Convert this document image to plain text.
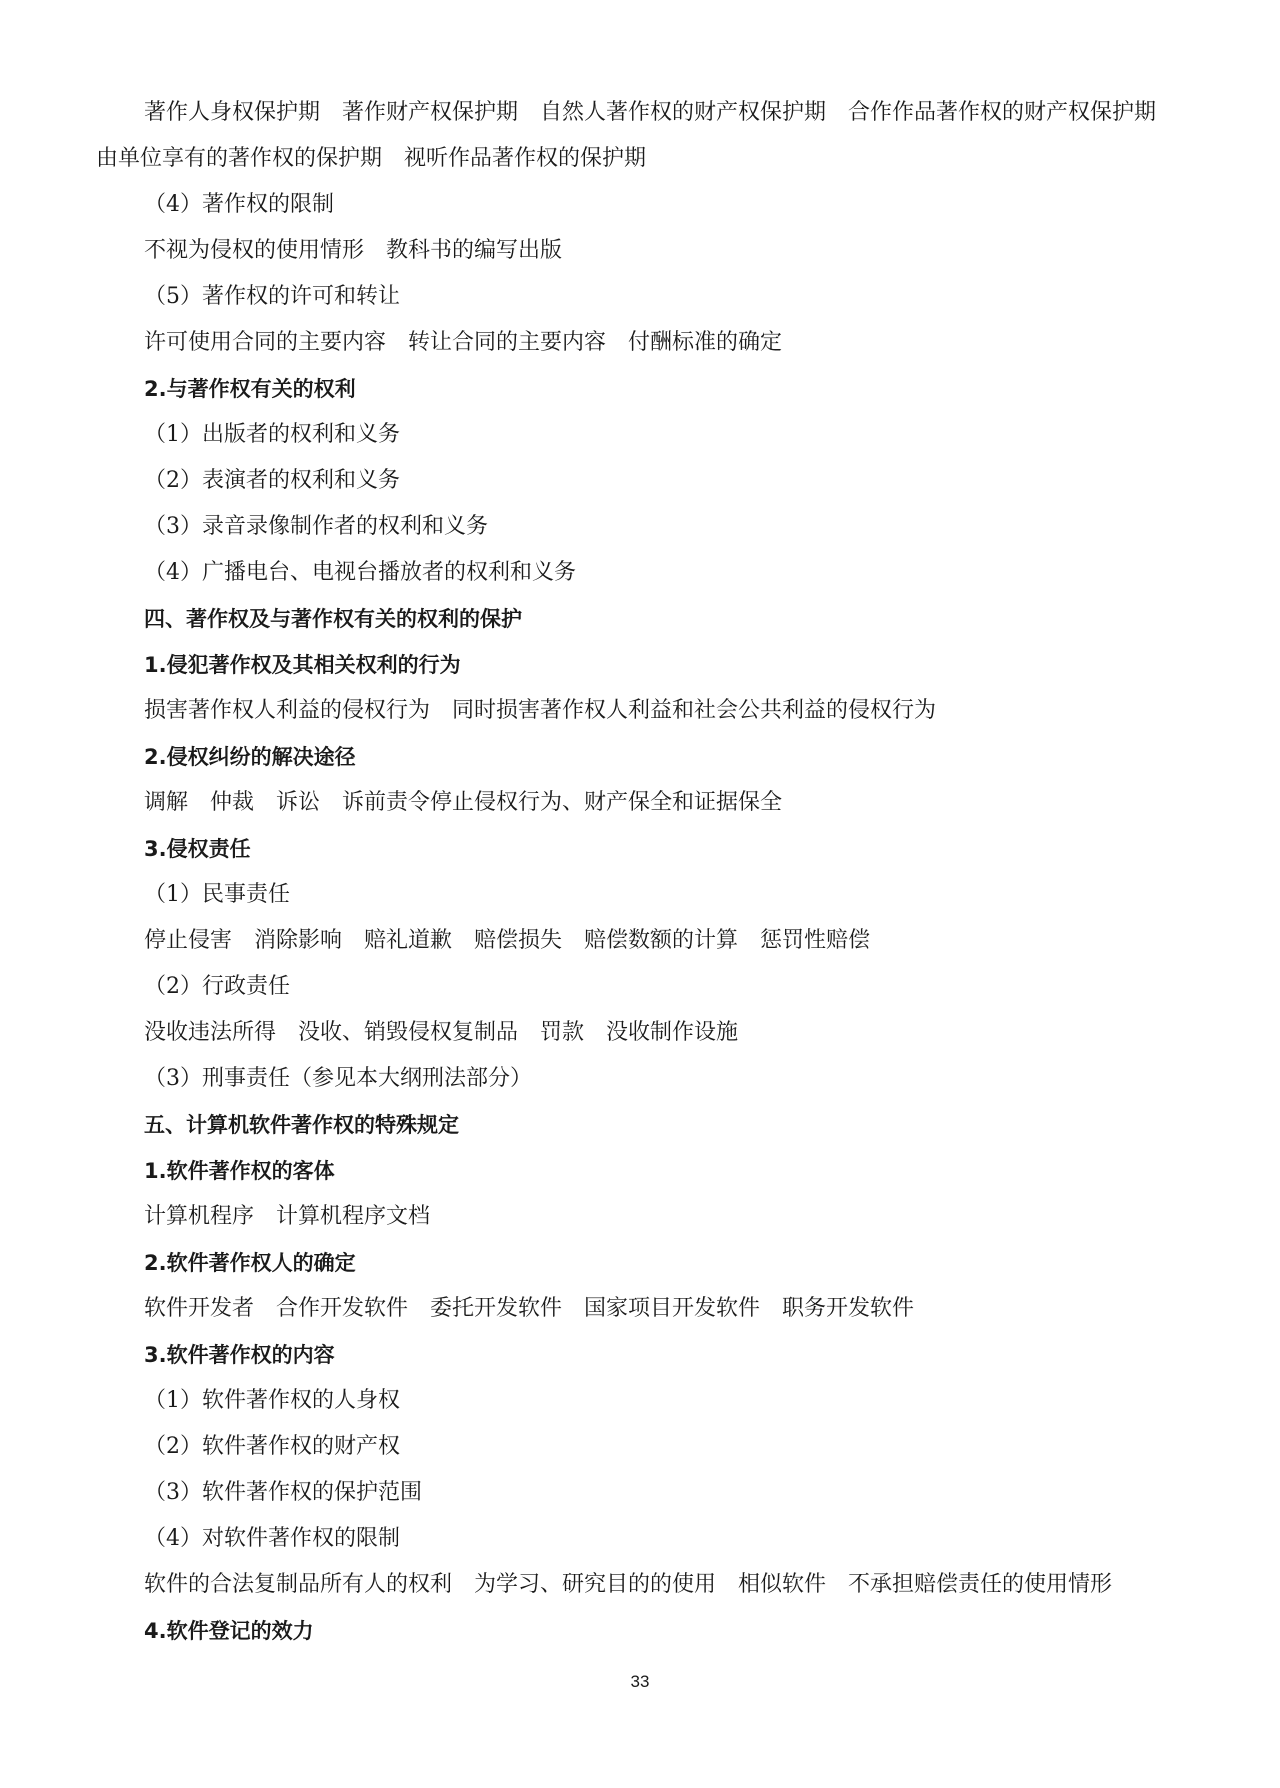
著作人身权保护期　著作财产权保护期　自然人著作权的财产权保护期　合作作品著作权的财产权保护期　由单位享有的著作权的保护期　视听作品著作权的保护期
（4）著作权的限制
不视为侵权的使用情形　教科书的编写出版
（5）著作权的许可和转让
许可使用合同的主要内容　转让合同的主要内容　付酬标准的确定
2.与著作权有关的权利
（1）出版者的权利和义务
（2）表演者的权利和义务
（3）录音录像制作者的权利和义务
（4）广播电台、电视台播放者的权利和义务
四、著作权及与著作权有关的权利的保护
1.侵犯著作权及其相关权利的行为
损害著作权人利益的侵权行为　同时损害著作权人利益和社会公共利益的侵权行为
2.侵权纠纷的解决途径
调解　仲裁　诉讼　诉前责令停止侵权行为、财产保全和证据保全
3.侵权责任
（1）民事责任
停止侵害　消除影响　赔礼道歉　赔偿损失　赔偿数额的计算　惩罚性赔偿
（2）行政责任
没收违法所得　没收、销毁侵权复制品　罚款　没收制作设施
（3）刑事责任（参见本大纲刑法部分）
五、计算机软件著作权的特殊规定
1.软件著作权的客体
计算机程序　计算机程序文档
2.软件著作权人的确定
软件开发者　合作开发软件　委托开发软件　国家项目开发软件　职务开发软件
3.软件著作权的内容
（1）软件著作权的人身权
（2）软件著作权的财产权
（3）软件著作权的保护范围
（4）对软件著作权的限制
软件的合法复制品所有人的权利　为学习、研究目的的使用　相似软件　不承担赔偿责任的使用情形
4.软件登记的效力
33
